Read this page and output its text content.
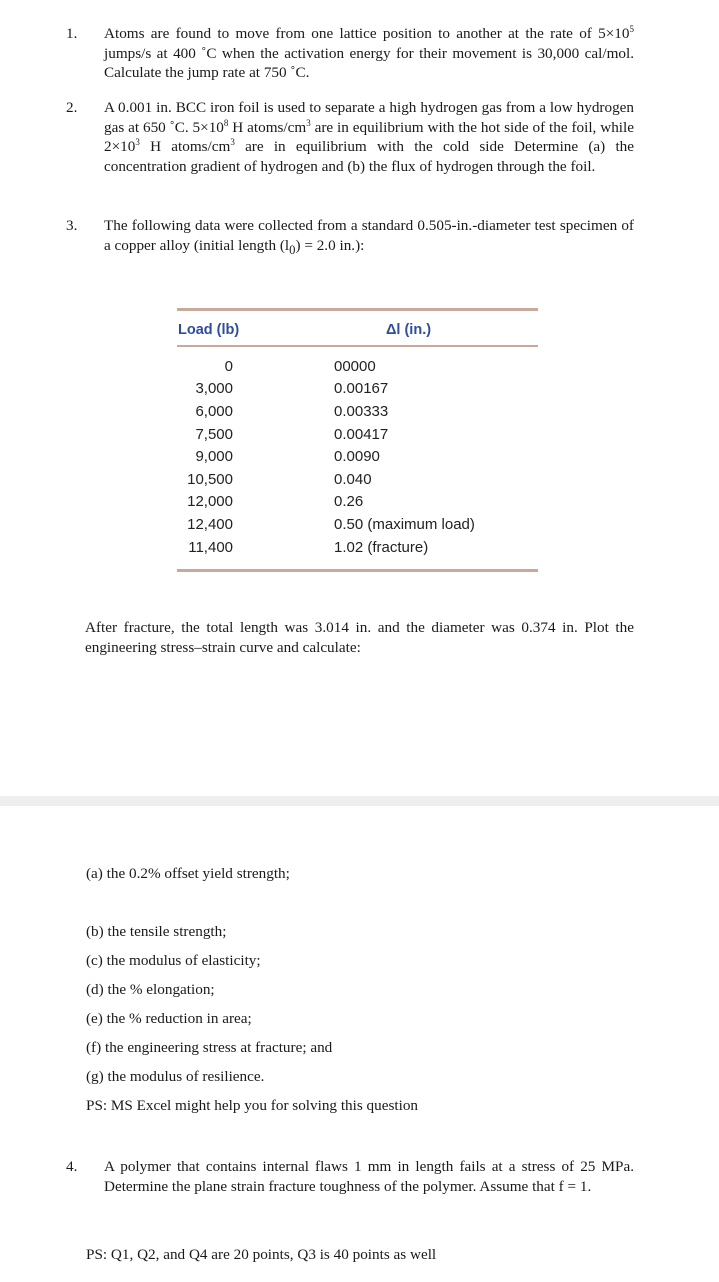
1. Atoms are found to move from one lattice position to another at the rate of $5\times 10^5$ jumps/s at 400 ˚C when the activation energy for their movement is 30,000 cal/mol. Calculate the jump rate at 750 ˚C.
2. A 0.001 in. BCC iron foil is used to separate a high hydrogen gas from a low hydrogen gas at 650 ˚C. $5\times 10^8$ H atoms/$cm^3$ are in equilibrium with the hot side of the foil, while $2\times 10^3$ H atoms/$cm^3$ are in equilibrium with the cold side Determine (a) the concentration gradient of hydrogen and (b) the flux of hydrogen through the foil.
3. The following data were collected from a standard 0.505-in.-diameter test specimen of a copper alloy (initial length $(l_0) = 2.0$ in.):
Load (lb)	Δl (in.)
0	00000
3,000	0.00167
6,000	0.00333
7,500	0.00417
9,000	0.0090
10,500	0.040
12,000	0.26
12,400	0.50 (maximum load)
11,400	1.02 (fracture)
After fracture, the total length was 3.014 in. and the diameter was 0.374 in. Plot the engineering stress–strain curve and calculate:
(a) the 0.2% offset yield strength;
(b) the tensile strength;
(c) the modulus of elasticity;
(d) the % elongation;
(e) the % reduction in area;
(f) the engineering stress at fracture; and
(g) the modulus of resilience.
PS: MS Excel might help you for solving this question
4. A polymer that contains internal flaws 1 mm in length fails at a stress of 25 MPa. Determine the plane strain fracture toughness of the polymer. Assume that f = 1.
PS: Q1, Q2, and Q4 are 20 points, Q3 is 40 points as well
